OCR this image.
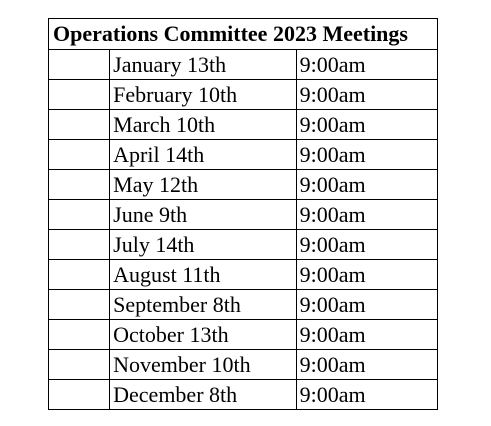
Operations Committee 2023 Meetings		
	January 13th	9:00am
	February 10th	9:00am
	March 10th	9:00am
	April 14th	9:00am
	May 12th	9:00am
	June 9th	9:00am
	July 14th	9:00am
	August 11th	9:00am
	September 8th	9:00am
	October 13th	9:00am
	November 10th	9:00am
	December 8th	9:00am
